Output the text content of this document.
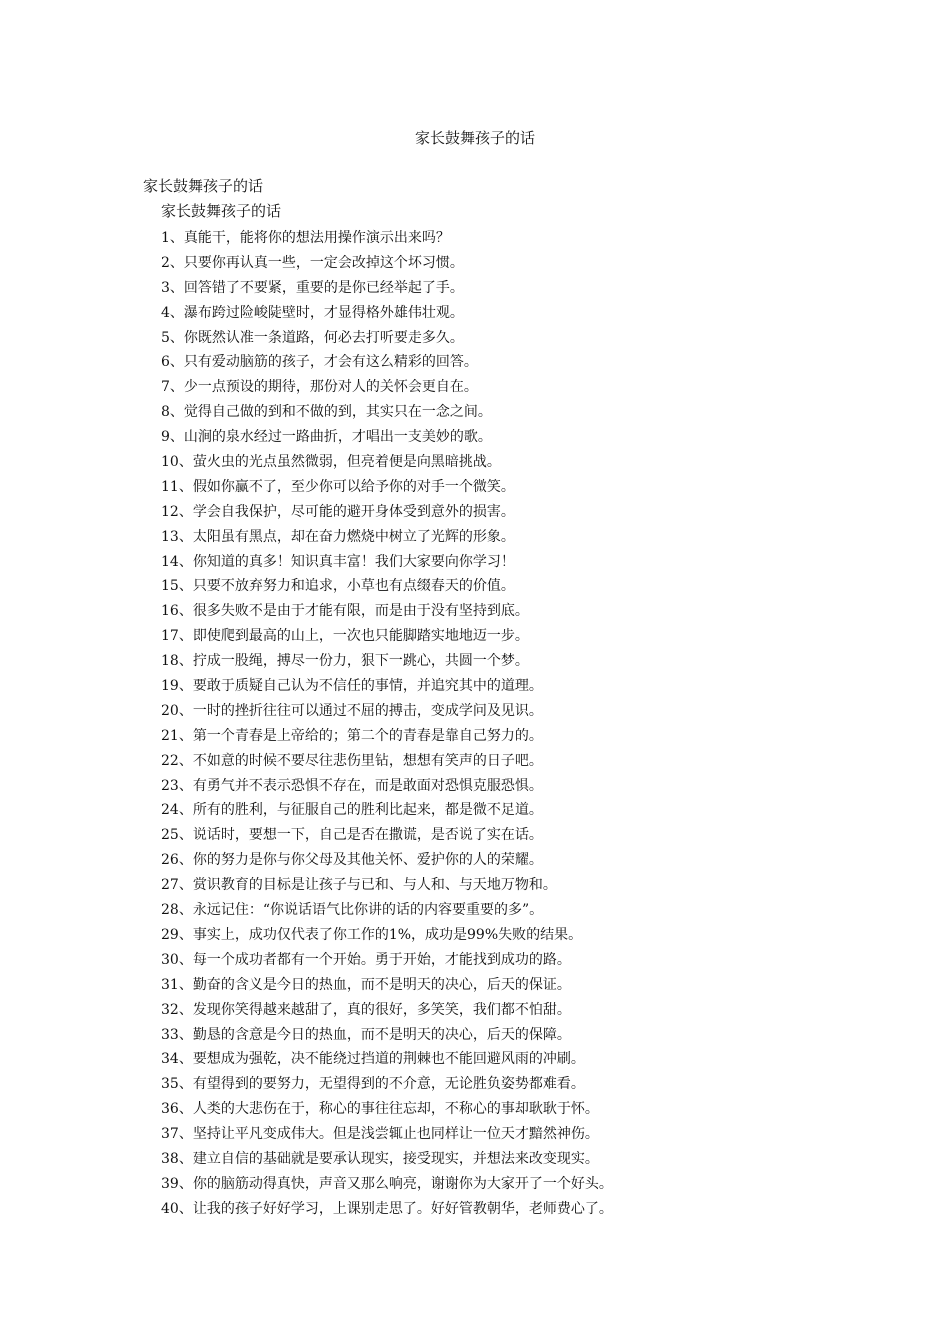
家长鼓舞孩子的话
家长鼓舞孩子的话
家长鼓舞孩子的话
1、真能干，能将你的想法用操作演示出来吗？
2、只要你再认真一些，一定会改掉这个坏习惯。
3、回答错了不要紧，重要的是你已经举起了手。
4、瀑布跨过险峻陡壁时，才显得格外雄伟壮观。
5、你既然认准一条道路，何必去打听要走多久。
6、只有爱动脑筋的孩子，才会有这么精彩的回答。
7、少一点预设的期待，那份对人的关怀会更自在。
8、觉得自己做的到和不做的到，其实只在一念之间。
9、山涧的泉水经过一路曲折，才唱出一支美妙的歌。
10、萤火虫的光点虽然微弱，但亮着便是向黑暗挑战。
11、假如你赢不了，至少你可以给予你的对手一个微笑。
12、学会自我保护，尽可能的避开身体受到意外的损害。
13、太阳虽有黑点，却在奋力燃烧中树立了光辉的形象。
14、你知道的真多！知识真丰富！我们大家要向你学习！
15、只要不放弃努力和追求，小草也有点缀春天的价值。
16、很多失败不是由于才能有限，而是由于没有坚持到底。
17、即使爬到最高的山上，一次也只能脚踏实地地迈一步。
18、拧成一股绳，搏尽一份力，狠下一跳心，共圆一个梦。
19、要敢于质疑自己认为不信任的事情，并追究其中的道理。
20、一时的挫折往往可以通过不屈的搏击，变成学问及见识。
21、第一个青春是上帝给的；第二个的青春是靠自己努力的。
22、不如意的时候不要尽往悲伤里钻，想想有笑声的日子吧。
23、有勇气并不表示恐惧不存在，而是敢面对恐惧克服恐惧。
24、所有的胜利，与征服自己的胜利比起来，都是微不足道。
25、说话时，要想一下，自己是否在撒谎，是否说了实在话。
26、你的努力是你与你父母及其他关怀、爱护你的人的荣耀。
27、赏识教育的目标是让孩子与已和、与人和、与天地万物和。
28、永远记住：“你说话语气比你讲的话的内容要重要的多”。
29、事实上，成功仅代表了你工作的1%，成功是99%失败的结果。
30、每一个成功者都有一个开始。勇于开始，才能找到成功的路。
31、勤奋的含义是今日的热血，而不是明天的决心，后天的保证。
32、发现你笑得越来越甜了，真的很好，多笑笑，我们都不怕甜。
33、勤恳的含意是今日的热血，而不是明天的决心，后天的保障。
34、要想成为强乾，决不能绕过挡道的荆棘也不能回避风雨的冲刷。
35、有望得到的要努力，无望得到的不介意，无论胜负姿势都难看。
36、人类的大悲伤在于，称心的事往往忘却，不称心的事却耿耿于怀。
37、坚持让平凡变成伟大。但是浅尝辄止也同样让一位天才黯然神伤。
38、建立自信的基础就是要承认现实，接受现实，并想法来改变现实。
39、你的脑筋动得真快，声音又那么响亮，谢谢你为大家开了一个好头。
40、让我的孩子好好学习，上课别走思了。好好管教朝华，老师费心了。
